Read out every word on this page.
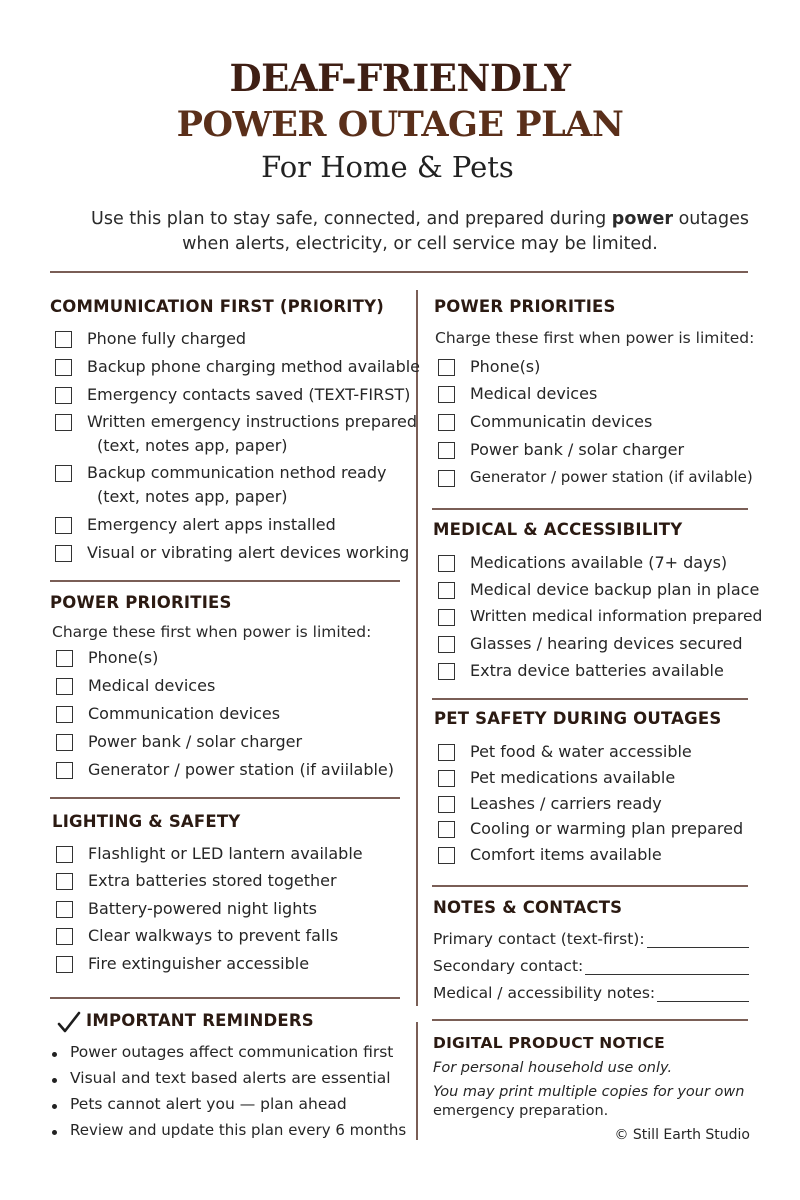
DEAF-FRIENDLY
POWER OUTAGE PLAN
For Home & Pets
Use this plan to stay safe, connected, and prepared during power outages
when alerts, electricity, or cell service may be limited.
COMMUNICATION FIRST (PRIORITY)
Phone fully charged
Backup phone charging method available
Emergency contacts saved (TEXT-FIRST)
Written emergency instructions prepared
(text, notes app, paper)
Backup communication nethod ready
(text, notes app, paper)
Emergency alert apps installed
Visual or vibrating alert devices working
POWER PRIORITIES
Charge these first when power is limited:
Phone(s)
Medical devices
Communication devices
Power bank / solar charger
Generator / power station (if aviilable)
LIGHTING & SAFETY
Flashlight or LED lantern available
Extra batteries stored together
Battery-powered night lights
Clear walkways to prevent falls
Fire extinguisher accessible
IMPORTANT REMINDERS
Power outages affect communication first
Visual and text based alerts are essential
Pets cannot alert you — plan ahead
Review and update this plan every 6 months
POWER PRIORITIES
Charge these first when power is limited:
Phone(s)
Medical devices
Communicatin devices
Power bank / solar charger
Generator / power station (if avilable)
MEDICAL & ACCESSIBILITY
Medications available (7+ days)
Medical device backup plan in place
Written medical information prepared
Glasses / hearing devices secured
Extra device batteries available
PET SAFETY DURING OUTAGES
Pet food & water accessible
Pet medications available
Leashes / carriers ready
Cooling or warming plan prepared
Comfort items available
NOTES & CONTACTS
Primary contact (text-first):
Secondary contact:
Medical / accessibility notes:
DIGITAL PRODUCT NOTICE
For personal household use only.
You may print multiple copies for your own
emergency preparation.
© Still Earth Studio
